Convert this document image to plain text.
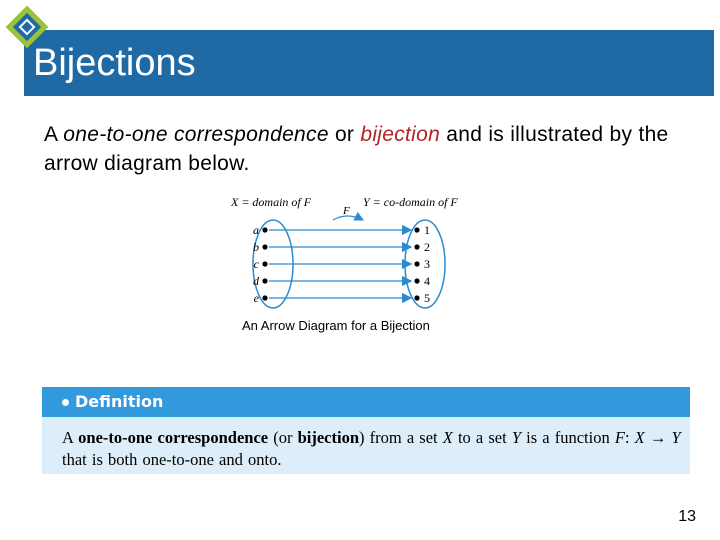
Bijections
A one-to-one correspondence or bijection and is illustrated by the arrow diagram below.
X = domain of F	Y = co-domain of F
F
a	1
b	2
c	3
d	4
e	5
An Arrow Diagram for a Bijection
Definition
A one-to-one correspondence (or bijection) from a set X to a set Y is a function F: X → Y that is both one-to-one and onto.
13
